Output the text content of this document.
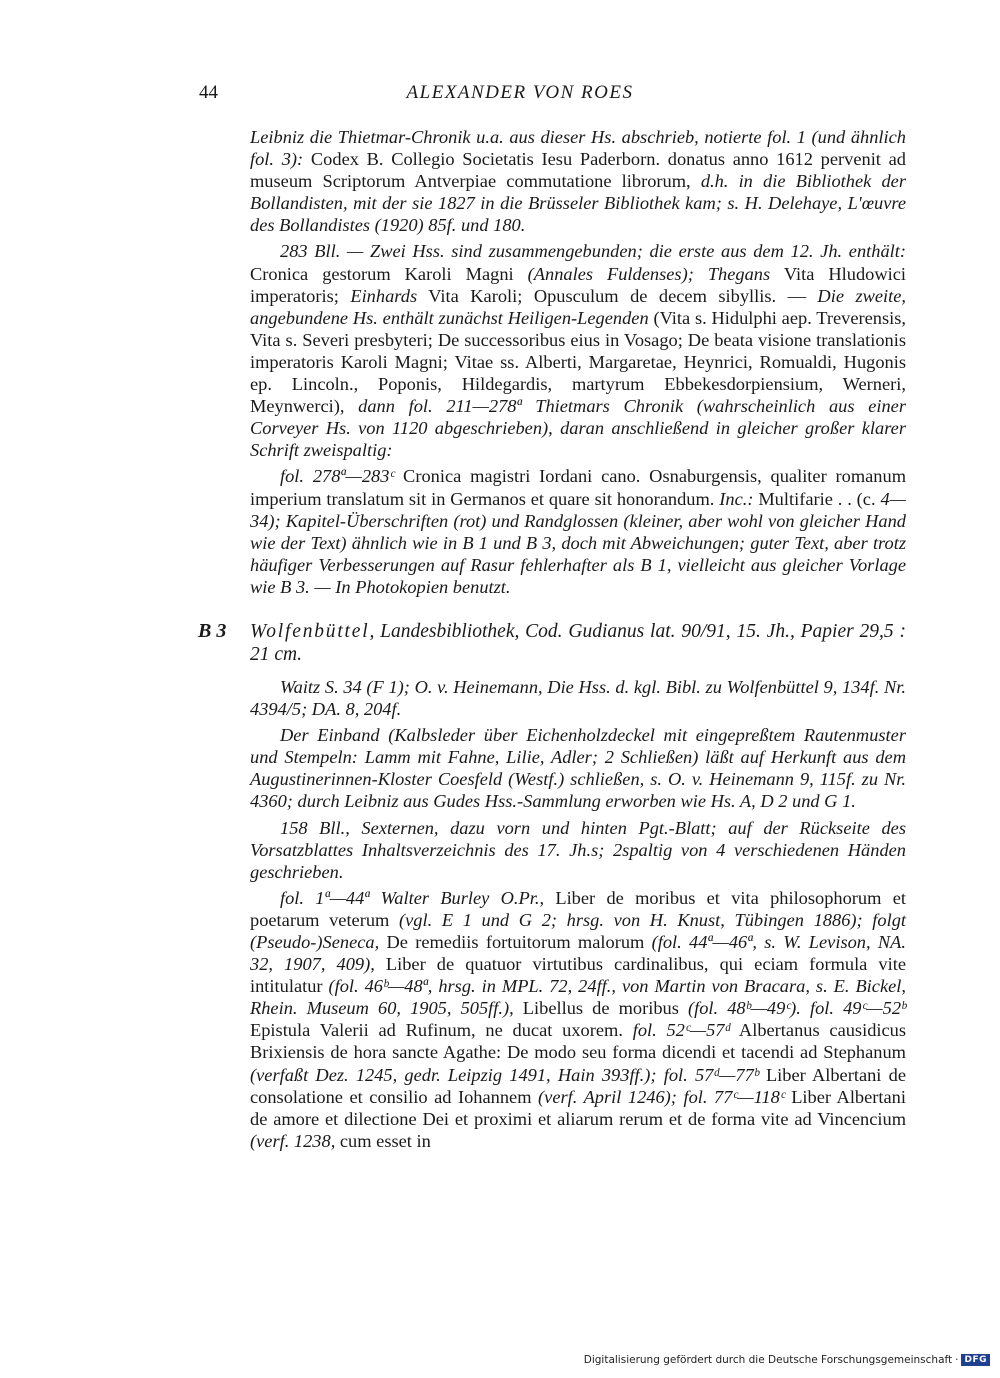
44	ALEXANDER VON ROES

Leibniz die Thietmar-Chronik u.a. aus dieser Hs. abschrieb, notierte fol. 1 (und ähnlich fol. 3): Codex B. Collegio Societatis Iesu Paderborn. donatus anno 1612 pervenit ad museum Scriptorum Antverpiae commutatione librorum, d.h. in die Bibliothek der Bollandisten, mit der sie 1827 in die Brüsseler Bibliothek kam; s. H. Delehaye, L'œuvre des Bollandistes (1920) 85f. und 180.

283 Bll. — Zwei Hss. sind zusammengebunden; die erste aus dem 12. Jh. enthält: Cronica gestorum Karoli Magni (Annales Fuldenses); Thegans Vita Hludowici imperatoris; Einhards Vita Karoli; Opusculum de decem sibyllis. — Die zweite, angebundene Hs. enthält zunächst Heiligen-Legenden (Vita s. Hidulphi aep. Treverensis, Vita s. Severi presbyteri; De successoribus eius in Vosago; De beata visione translationis imperatoris Karoli Magni; Vitae ss. Alberti, Margaretae, Heynrici, Romualdi, Hugonis ep. Lincoln., Poponis, Hildegardis, martyrum Ebbekesdorpiensium, Werneri, Meynwerci), dann fol. 211—278ª Thietmars Chronik (wahrscheinlich aus einer Corveyer Hs. von 1120 abgeschrieben), daran anschließend in gleicher großer klarer Schrift zweispaltig:

fol. 278ª—283ᶜ Cronica magistri Iordani cano. Osnaburgensis, qualiter romanum imperium translatum sit in Germanos et quare sit honorandum. Inc.: Multifarie . . (c. 4—34); Kapitel-Überschriften (rot) und Randglossen (kleiner, aber wohl von gleicher Hand wie der Text) ähnlich wie in B 1 und B 3, doch mit Abweichungen; guter Text, aber trotz häufiger Verbesserungen auf Rasur fehlerhafter als B 1, vielleicht aus gleicher Vorlage wie B 3. — In Photokopien benutzt.

B 3 Wolfenbüttel, Landesbibliothek, Cod. Gudianus lat. 90/91, 15. Jh., Papier 29,5 : 21 cm.

Waitz S. 34 (F 1); O. v. Heinemann, Die Hss. d. kgl. Bibl. zu Wolfenbüttel 9, 134f. Nr. 4394/5; DA. 8, 204f.

Der Einband (Kalbsleder über Eichenholzdeckel mit eingepreßtem Rautenmuster und Stempeln: Lamm mit Fahne, Lilie, Adler; 2 Schließen) läßt auf Herkunft aus dem Augustinerinnen-Kloster Coesfeld (Westf.) schließen, s. O. v. Heinemann 9, 115f. zu Nr. 4360; durch Leibniz aus Gudes Hss.-Sammlung erworben wie Hs. A, D 2 und G 1.

158 Bll., Sexternen, dazu vorn und hinten Pgt.-Blatt; auf der Rückseite des Vorsatzblattes Inhaltsverzeichnis des 17. Jh.s; 2spaltig von 4 verschiedenen Händen geschrieben.

fol. 1ª—44ª Walter Burley O.Pr., Liber de moribus et vita philosophorum et poetarum veterum (vgl. E 1 und G 2; hrsg. von H. Knust, Tübingen 1886); folgt (Pseudo-)Seneca, De remediis fortuitorum malorum (fol. 44ª—46ª, s. W. Levison, NA. 32, 1907, 409), Liber de quatuor virtutibus cardinalibus, qui eciam formula vite intitulatur (fol. 46ᵇ—48ª, hrsg. in MPL. 72, 24ff., von Martin von Bracara, s. E. Bickel, Rhein. Museum 60, 1905, 505ff.), Libellus de moribus (fol. 48ᵇ—49ᶜ). fol. 49ᶜ—52ᵇ Epistula Valerii ad Rufinum, ne ducat uxorem. fol. 52ᶜ—57ᵈ Albertanus causidicus Brixiensis de hora sancte Agathe: De modo seu forma dicendi et tacendi ad Stephanum (verfaßt Dez. 1245, gedr. Leipzig 1491, Hain 393ff.); fol. 57ᵈ—77ᵇ Liber Albertani de consolatione et consilio ad Iohannem (verf. April 1246); fol. 77ᶜ—118ᶜ Liber Albertani de amore et dilectione Dei et proximi et aliarum rerum et de forma vite ad Vincencium (verf. 1238, cum esset in

Digitalisierung gefördert durch die Deutsche Forschungsgemeinschaft · DFG
